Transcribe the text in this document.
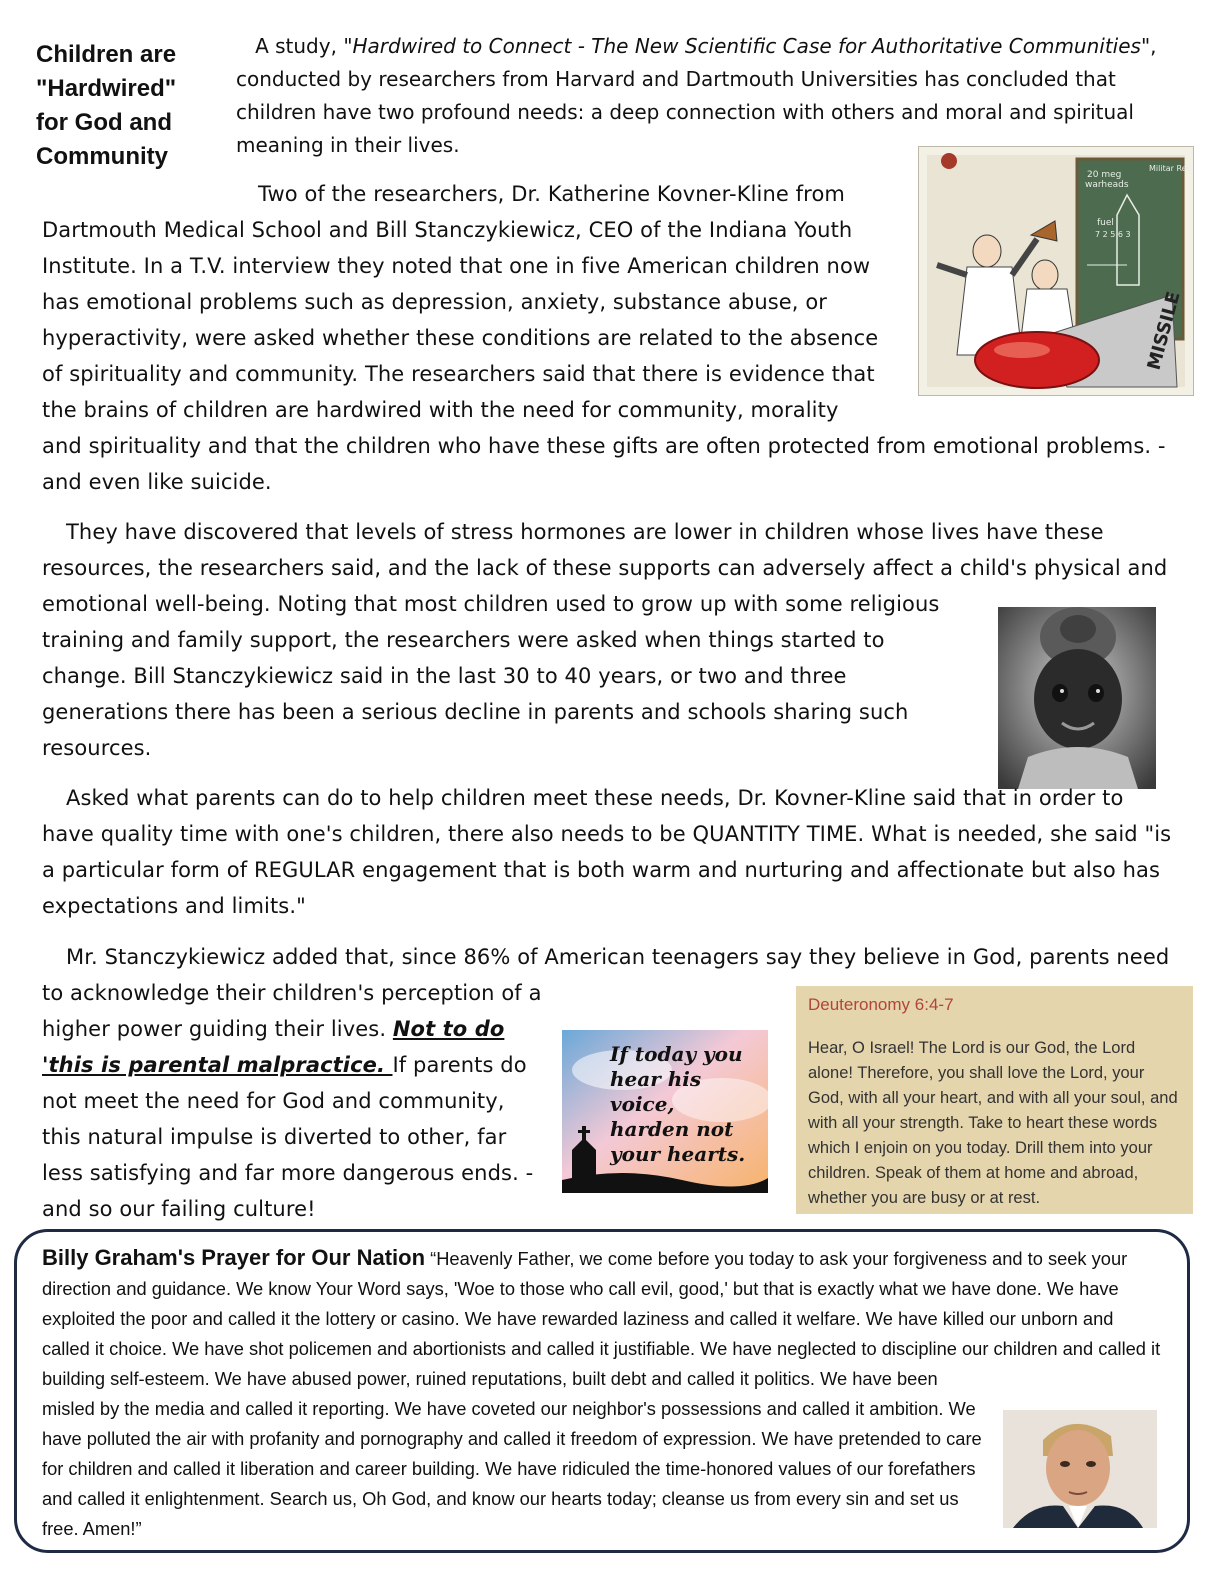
Children are
"Hardwired"
for God and
Community
A study, "Hardwired to Connect - The New Scientific Case for Authoritative Communities", conducted by researchers from Harvard and Dartmouth Universities has concluded that children have two profound needs: a deep connection with others and moral and spiritual meaning in their lives.
20 meg
warheads
Militar Res
fuel
7 2 5 6 3
MISSILE

Two of the researchers, Dr. Katherine Kovner-Kline from Dartmouth Medical School and Bill Stanczykiewicz, CEO of the Indiana Youth Institute. In a T.V. interview they noted that one in five American children now has emotional problems such as depression, anxiety, substance abuse, or hyperactivity, were asked whether these conditions are related to the absence of spirituality and community. The researchers said that there is evidence that the brains of children are hardwired with the need for community, morality and spirituality and that the children who have these gifts are often protected from emotional problems. -and even like suicide.

They have discovered that levels of stress hormones are lower in children whose lives have these resources, the researchers said, and the lack of these supports can adversely affect a child's physical and emotional well-being. Noting that most children used to grow up with some religious training and family support, the researchers were asked when things started to change. Bill Stanczykiewicz said in the last 30 to 40 years, or two and three generations there has been a serious decline in parents and schools sharing such resources.

Asked what parents can do to help children meet these needs, Dr. Kovner-Kline said that in order to have quality time with one's children, there also needs to be QUANTITY TIME. What is needed, she said "is a particular form of REGULAR engagement that is both warm and nurturing and affectionate but also has expectations and limits."

Mr. Stanczykiewicz added that, since 86% of American teenagers say they believe in God, parents need to acknowledge their children's perception of a higher power guiding their lives. Not to do 'this is parental malpractice. If parents do not meet the need for God and community, this natural impulse is diverted to other, far less satisfying and far more dangerous ends. -and so our failing culture!

If today you hear his voice, harden not your hearts.
Deuteronomy 6:4-7
Hear, O Israel! The Lord is our God, the Lord alone! Therefore, you shall love the Lord, your God, with all your heart, and with all your soul, and with all your strength. Take to heart these words which I enjoin on you today. Drill them into your children. Speak of them at home and abroad, whether you are busy or at rest.
Billy Graham's Prayer for Our Nation “Heavenly Father, we come before you today to ask your forgiveness and to seek your direction and guidance. We know Your Word says, 'Woe to those who call evil, good,' but that is exactly what we have done. We have exploited the poor and called it the lottery or casino. We have rewarded laziness and called it welfare. We have killed our unborn and called it choice. We have shot policemen and abortionists and called it justifiable. We have neglected to discipline our children and called it building self-esteem. We have abused power, ruined reputations, built debt and called it politics. We have been misled by the media and called it reporting. We have coveted our neighbor's possessions and called it ambition. We have polluted the air with profanity and pornography and called it freedom of expression. We have pretended to care for children and called it liberation and career building. We have ridiculed the time-honored values of our forefathers and called it enlightenment. Search us, Oh God, and know our hearts today; cleanse us from every sin and set us free. Amen!”
